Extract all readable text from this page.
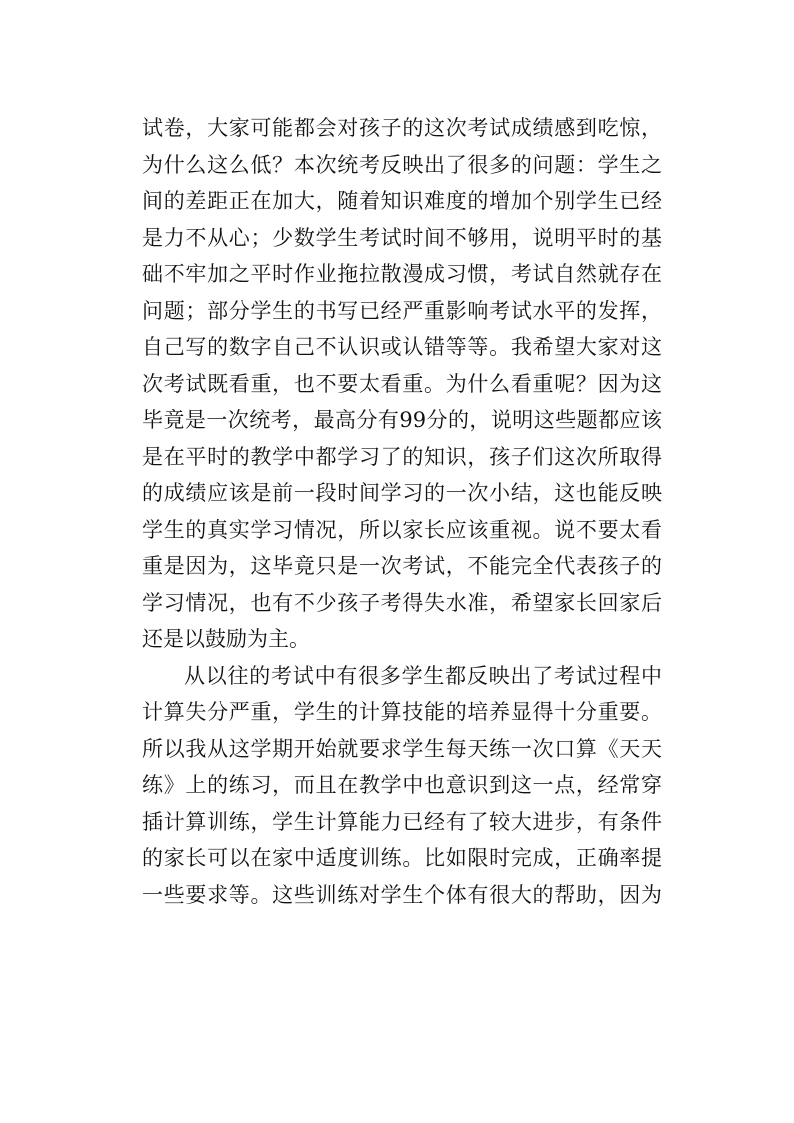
试卷，大家可能都会对孩子的这次考试成绩感到吃惊，
为什么这么低？本次统考反映出了很多的问题：学生之
间的差距正在加大，随着知识难度的增加个别学生已经
是力不从心；少数学生考试时间不够用，说明平时的基
础不牢加之平时作业拖拉散漫成习惯，考试自然就存在
问题；部分学生的书写已经严重影响考试水平的发挥，
自己写的数字自己不认识或认错等等。我希望大家对这
次考试既看重，也不要太看重。为什么看重呢？因为这
毕竟是一次统考，最高分有99分的，说明这些题都应该
是在平时的教学中都学习了的知识，孩子们这次所取得
的成绩应该是前一段时间学习的一次小结，这也能反映
学生的真实学习情况，所以家长应该重视。说不要太看
重是因为，这毕竟只是一次考试，不能完全代表孩子的
学习情况，也有不少孩子考得失水准，希望家长回家后
还是以鼓励为主。
从以往的考试中有很多学生都反映出了考试过程中
计算失分严重，学生的计算技能的培养显得十分重要。
所以我从这学期开始就要求学生每天练一次口算《天天
练》上的练习，而且在教学中也意识到这一点，经常穿
插计算训练，学生计算能力已经有了较大进步，有条件
的家长可以在家中适度训练。比如限时完成，正确率提
一些要求等。这些训练对学生个体有很大的帮助，因为
